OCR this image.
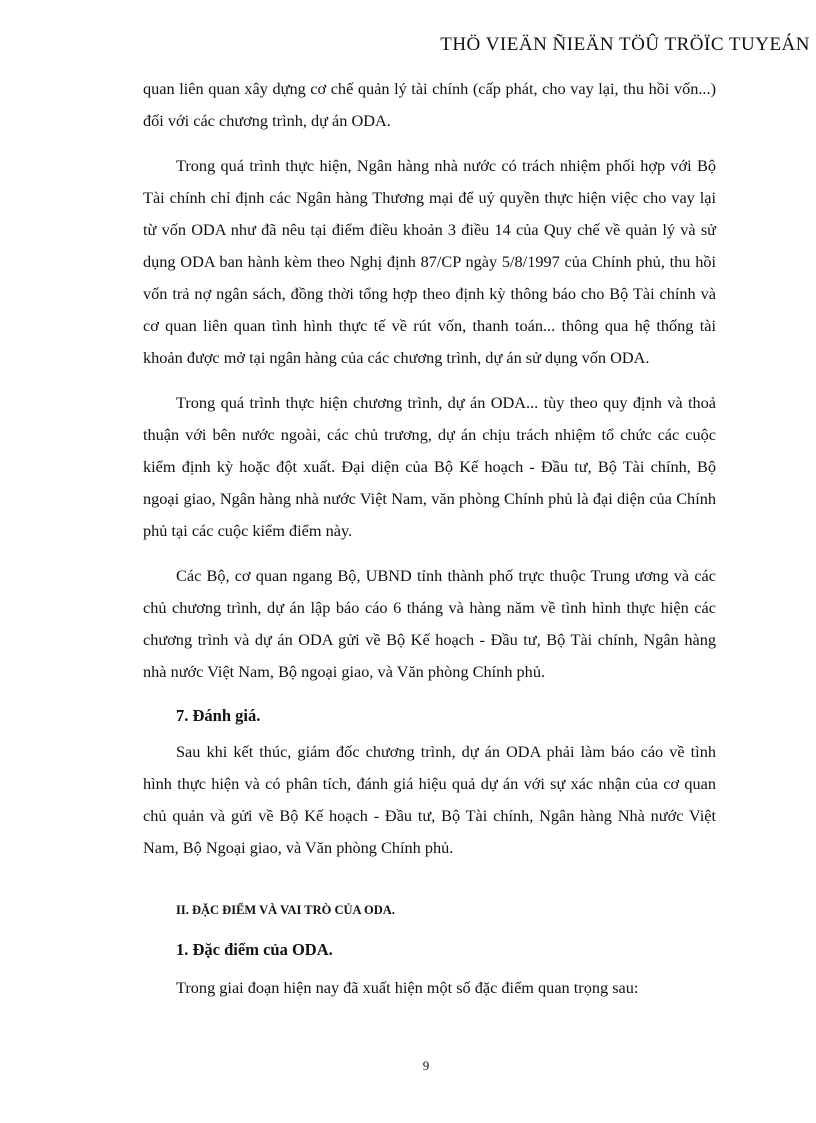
THÖ VIEÄN ÑIEÄN TÖÛ TRÖÏC TUYEÁN

quan liên quan xây dựng cơ chế quản lý tài chính (cấp phát, cho vay lại, thu hồi vốn...) đối với các chương trình, dự án ODA.

Trong quá trình thực hiện, Ngân hàng nhà nước có trách nhiệm phối hợp với Bộ Tài chính chỉ định các Ngân hàng Thương mại để uỷ quyền thực hiện việc cho vay lại từ vốn ODA như đã nêu tại điểm điều khoản 3 điều 14 của Quy chế về quản lý và sử dụng ODA ban hành kèm theo Nghị định 87/CP ngày 5/8/1997 của Chính phủ, thu hồi vốn trả nợ ngân sách, đồng thời tổng hợp theo định kỳ thông báo cho Bộ Tài chính và cơ quan liên quan tình hình thực tế về rút vốn, thanh toán... thông qua hệ thống tài khoản được mở tại ngân hàng của các chương trình, dự án sử dụng vốn ODA.

Trong quá trình thực hiện chương trình, dự án ODA... tùy theo quy định và thoả thuận với bên nước ngoài, các chủ trương, dự án chịu trách nhiệm tổ chức các cuộc kiểm định kỳ hoặc đột xuất. Đại diện của Bộ Kế hoạch - Đầu tư, Bộ Tài chính, Bộ ngoại giao, Ngân hàng nhà nước Việt Nam, văn phòng Chính phủ là đại diện của Chính phủ tại các cuộc kiểm điểm này.

Các Bộ, cơ quan ngang Bộ, UBND tỉnh thành phố trực thuộc Trung ương và các chủ chương trình, dự án lập báo cáo 6 tháng và hàng năm về tình hình thực hiện các chương trình và dự án ODA gửi về Bộ Kế hoạch - Đầu tư, Bộ Tài chính, Ngân hàng nhà nước Việt Nam, Bộ ngoại giao, và Văn phòng Chính phủ.

7. Đánh giá.

Sau khi kết thúc, giám đốc chương trình, dự án ODA phải làm báo cáo về tình hình thực hiện và có phân tích, đánh giá hiệu quả dự án với sự xác nhận của cơ quan chủ quản và gửi về Bộ Kế hoạch - Đầu tư, Bộ Tài chính, Ngân hàng Nhà nước Việt Nam, Bộ Ngoại giao, và Văn phòng Chính phủ.

II. ĐẶC ĐIỂM VÀ VAI TRÒ CỦA ODA.
1. Đặc điểm của ODA.

Trong giai đoạn hiện nay đã xuất hiện một số đặc điểm quan trọng sau:

9
